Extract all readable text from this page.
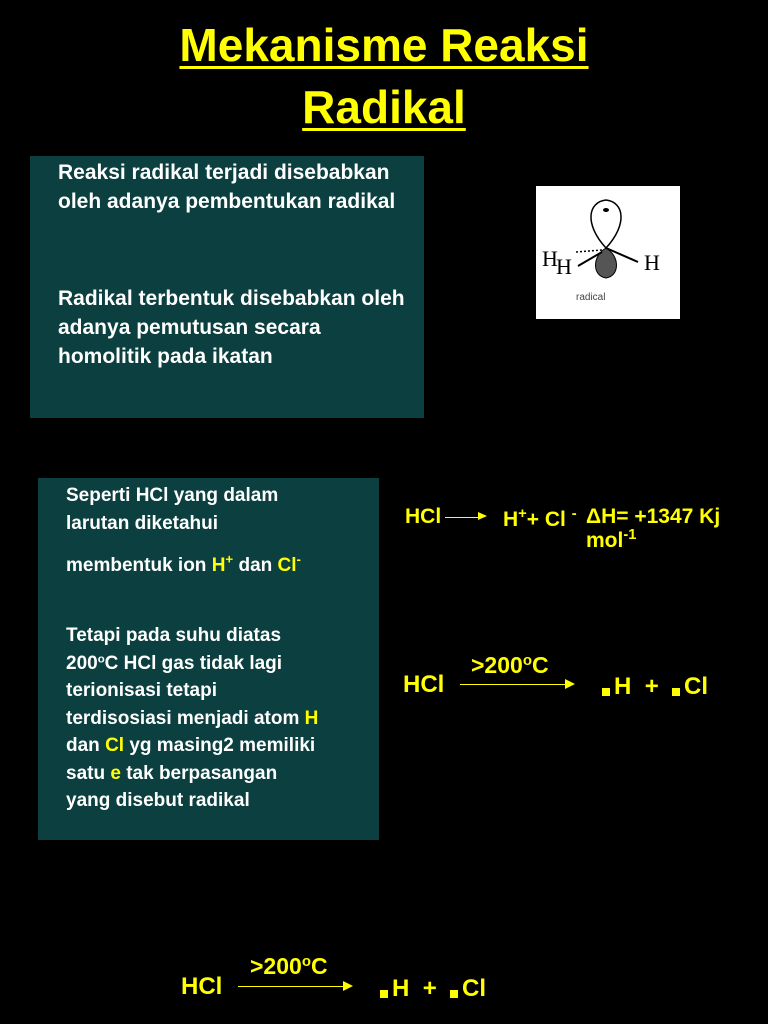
Mekanisme Reaksi
Radikal
Reaksi radikal terjadi disebabkan oleh adanya pembentukan radikal
Radikal terbentuk disebabkan oleh adanya pemutusan secara homolitik pada ikatan
H
H	H
radical
Seperti HCl yang dalam
larutan diketahui
membentuk ion H+ dan Cl-
Tetapi pada suhu diatas
200$^o$C HCl gas tidak lagi
terionisasi tetapi
terdisosiasi menjadi atom H
dan Cl yg masing2 memiliki
satu e tak berpasangan
yang disebut radikal
HCl	H++ Cl - ΔH= +1347 Kj mol$^{-1}$
$>200^oC$
HCl	H + Cl
$>200^oC$
HCl	H + Cl
